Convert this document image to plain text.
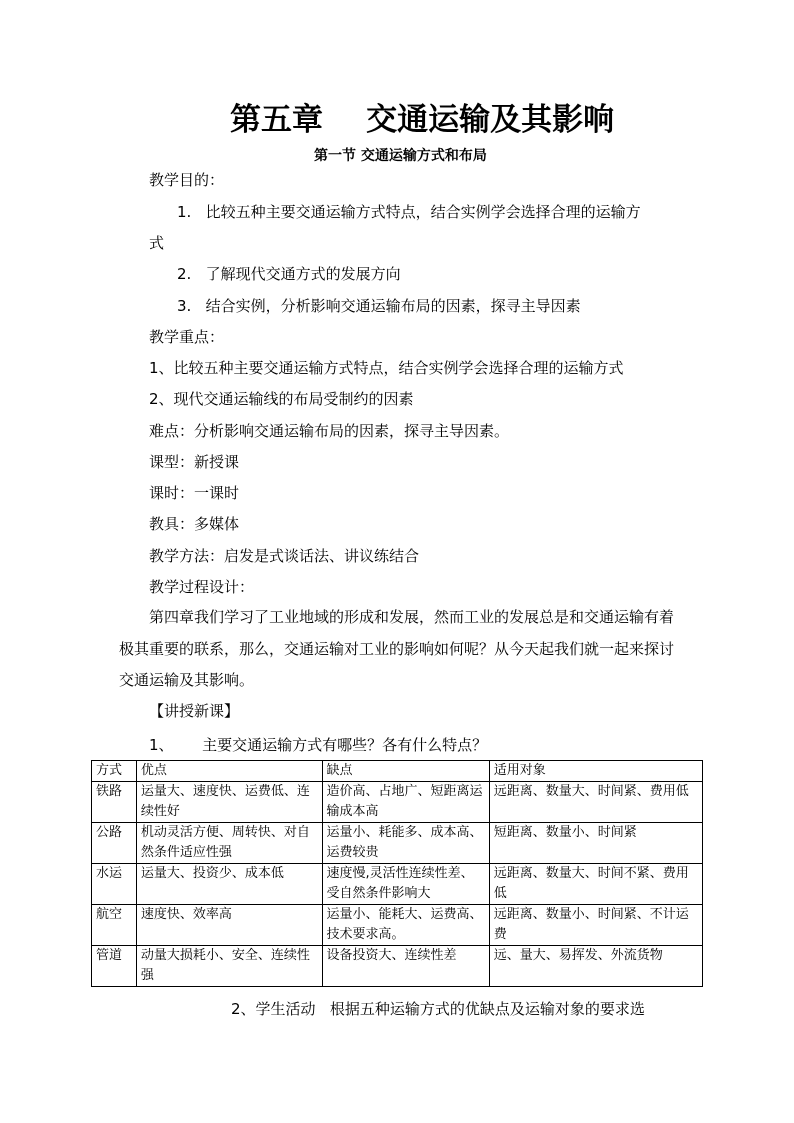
第五章    交通运输及其影响
第一节 交通运输方式和布局
教学目的：
1.   比较五种主要交通运输方式特点，结合实例学会选择合理的运输方
式
2.   了解现代交通方式的发展方向
3.   结合实例，分析影响交通运输布局的因素，探寻主导因素
教学重点：
1、比较五种主要交通运输方式特点，结合实例学会选择合理的运输方式
2、现代交通运输线的布局受制约的因素
难点：分析影响交通运输布局的因素，探寻主导因素。
课型：新授课
课时：一课时
教具：多媒体
教学方法：启发是式谈话法、讲议练结合
教学过程设计：
第四章我们学习了工业地域的形成和发展，然而工业的发展总是和交通运输有着极其重要的联系，那么，交通运输对工业的影响如何呢？从今天起我们就一起来探讨交通运输及其影响。
【讲授新课】
1、      主要交通运输方式有哪些？各有什么特点？
方式	优点	缺点	适用对象
铁路	运量大、速度快、运费低、连续性好	造价高、占地广、短距离运输成本高	远距离、数量大、时间紧、费用低
公路	机动灵活方便、周转快、对自然条件适应性强	运量小、耗能多、成本高、运费较贵	短距离、数量小、时间紧
水运	运量大、投资少、成本低	速度慢,灵活性连续性差、受自然条件影响大	远距离、数量大、时间不紧、费用低
航空	速度快、效率高	运量小、能耗大、运费高、技术要求高。	远距离、数量小、时间紧、不计运费
管道	动量大损耗小、安全、连续性强	设备投资大、连续性差	远、量大、易挥发、外流货物
2、学生活动   根据五种运输方式的优缺点及运输对象的要求选
